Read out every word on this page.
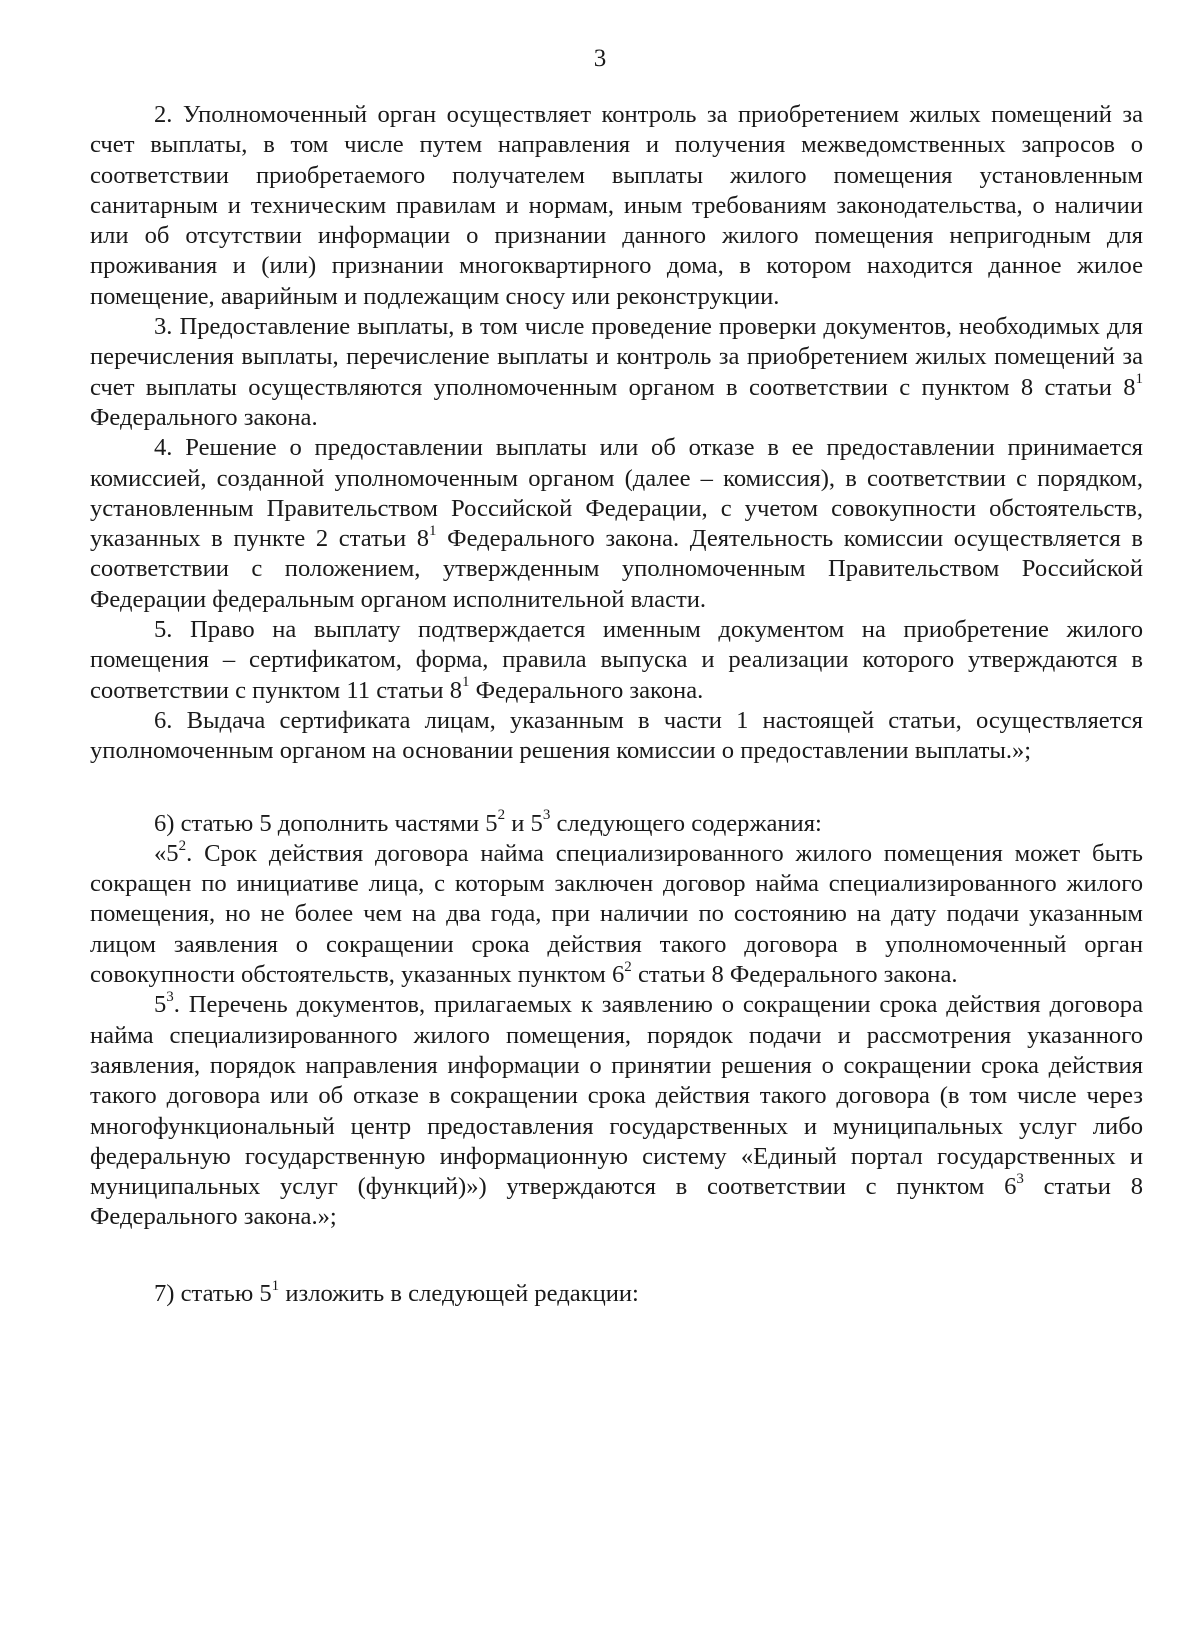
3

2. Уполномоченный орган осуществляет контроль за приобретением жилых помещений за счет выплаты, в том числе путем направления и получения межведомственных запросов о соответствии приобретаемого получателем выплаты жилого помещения установленным санитарным и техническим правилам и нормам, иным требованиям законодательства, о наличии или об отсутствии информации о признании данного жилого помещения непригодным для проживания и (или) признании многоквартирного дома, в котором находится данное жилое помещение, аварийным и подлежащим сносу или реконструкции.

3. Предоставление выплаты, в том числе проведение проверки документов, необходимых для перечисления выплаты, перечисление выплаты и контроль за приобретением жилых помещений за счет выплаты осуществляются уполномоченным органом в соответствии с пунктом 8 статьи $8^1$ Федерального закона.

4. Решение о предоставлении выплаты или об отказе в ее предоставлении принимается комиссией, созданной уполномоченным органом (далее – комиссия), в соответствии с порядком, установленным Правительством Российской Федерации, с учетом совокупности обстоятельств, указанных в пункте 2 статьи $8^1$ Федерального закона. Деятельность комиссии осуществляется в соответствии с положением, утвержденным уполномоченным Правительством Российской Федерации федеральным органом исполнительной власти.

5. Право на выплату подтверждается именным документом на приобретение жилого помещения – сертификатом, форма, правила выпуска и реализации которого утверждаются в соответствии с пунктом 11 статьи $8^1$ Федерального закона.

6. Выдача сертификата лицам, указанным в части 1 настоящей статьи, осуществляется уполномоченным органом на основании решения комиссии о предоставлении выплаты.»;

6) статью 5 дополнить частями $5^2$ и $5^3$ следующего содержания:

«$5^2$. Срок действия договора найма специализированного жилого помещения может быть сокращен по инициативе лица, с которым заключен договор найма специализированного жилого помещения, но не более чем на два года, при наличии по состоянию на дату подачи указанным лицом заявления о сокращении срока действия такого договора в уполномоченный орган совокупности обстоятельств, указанных пунктом $6^2$ статьи 8 Федерального закона.

$5^3$. Перечень документов, прилагаемых к заявлению о сокращении срока действия договора найма специализированного жилого помещения, порядок подачи и рассмотрения указанного заявления, порядок направления информации о принятии решения о сокращении срока действия такого договора или об отказе в сокращении срока действия такого договора (в том числе через многофункциональный центр предоставления государственных и муниципальных услуг либо федеральную государственную информационную систему «Единый портал государственных и муниципальных услуг (функций)») утверждаются в соответствии с пунктом $6^3$ статьи 8 Федерального закона.»;

7) статью $5^1$ изложить в следующей редакции:
